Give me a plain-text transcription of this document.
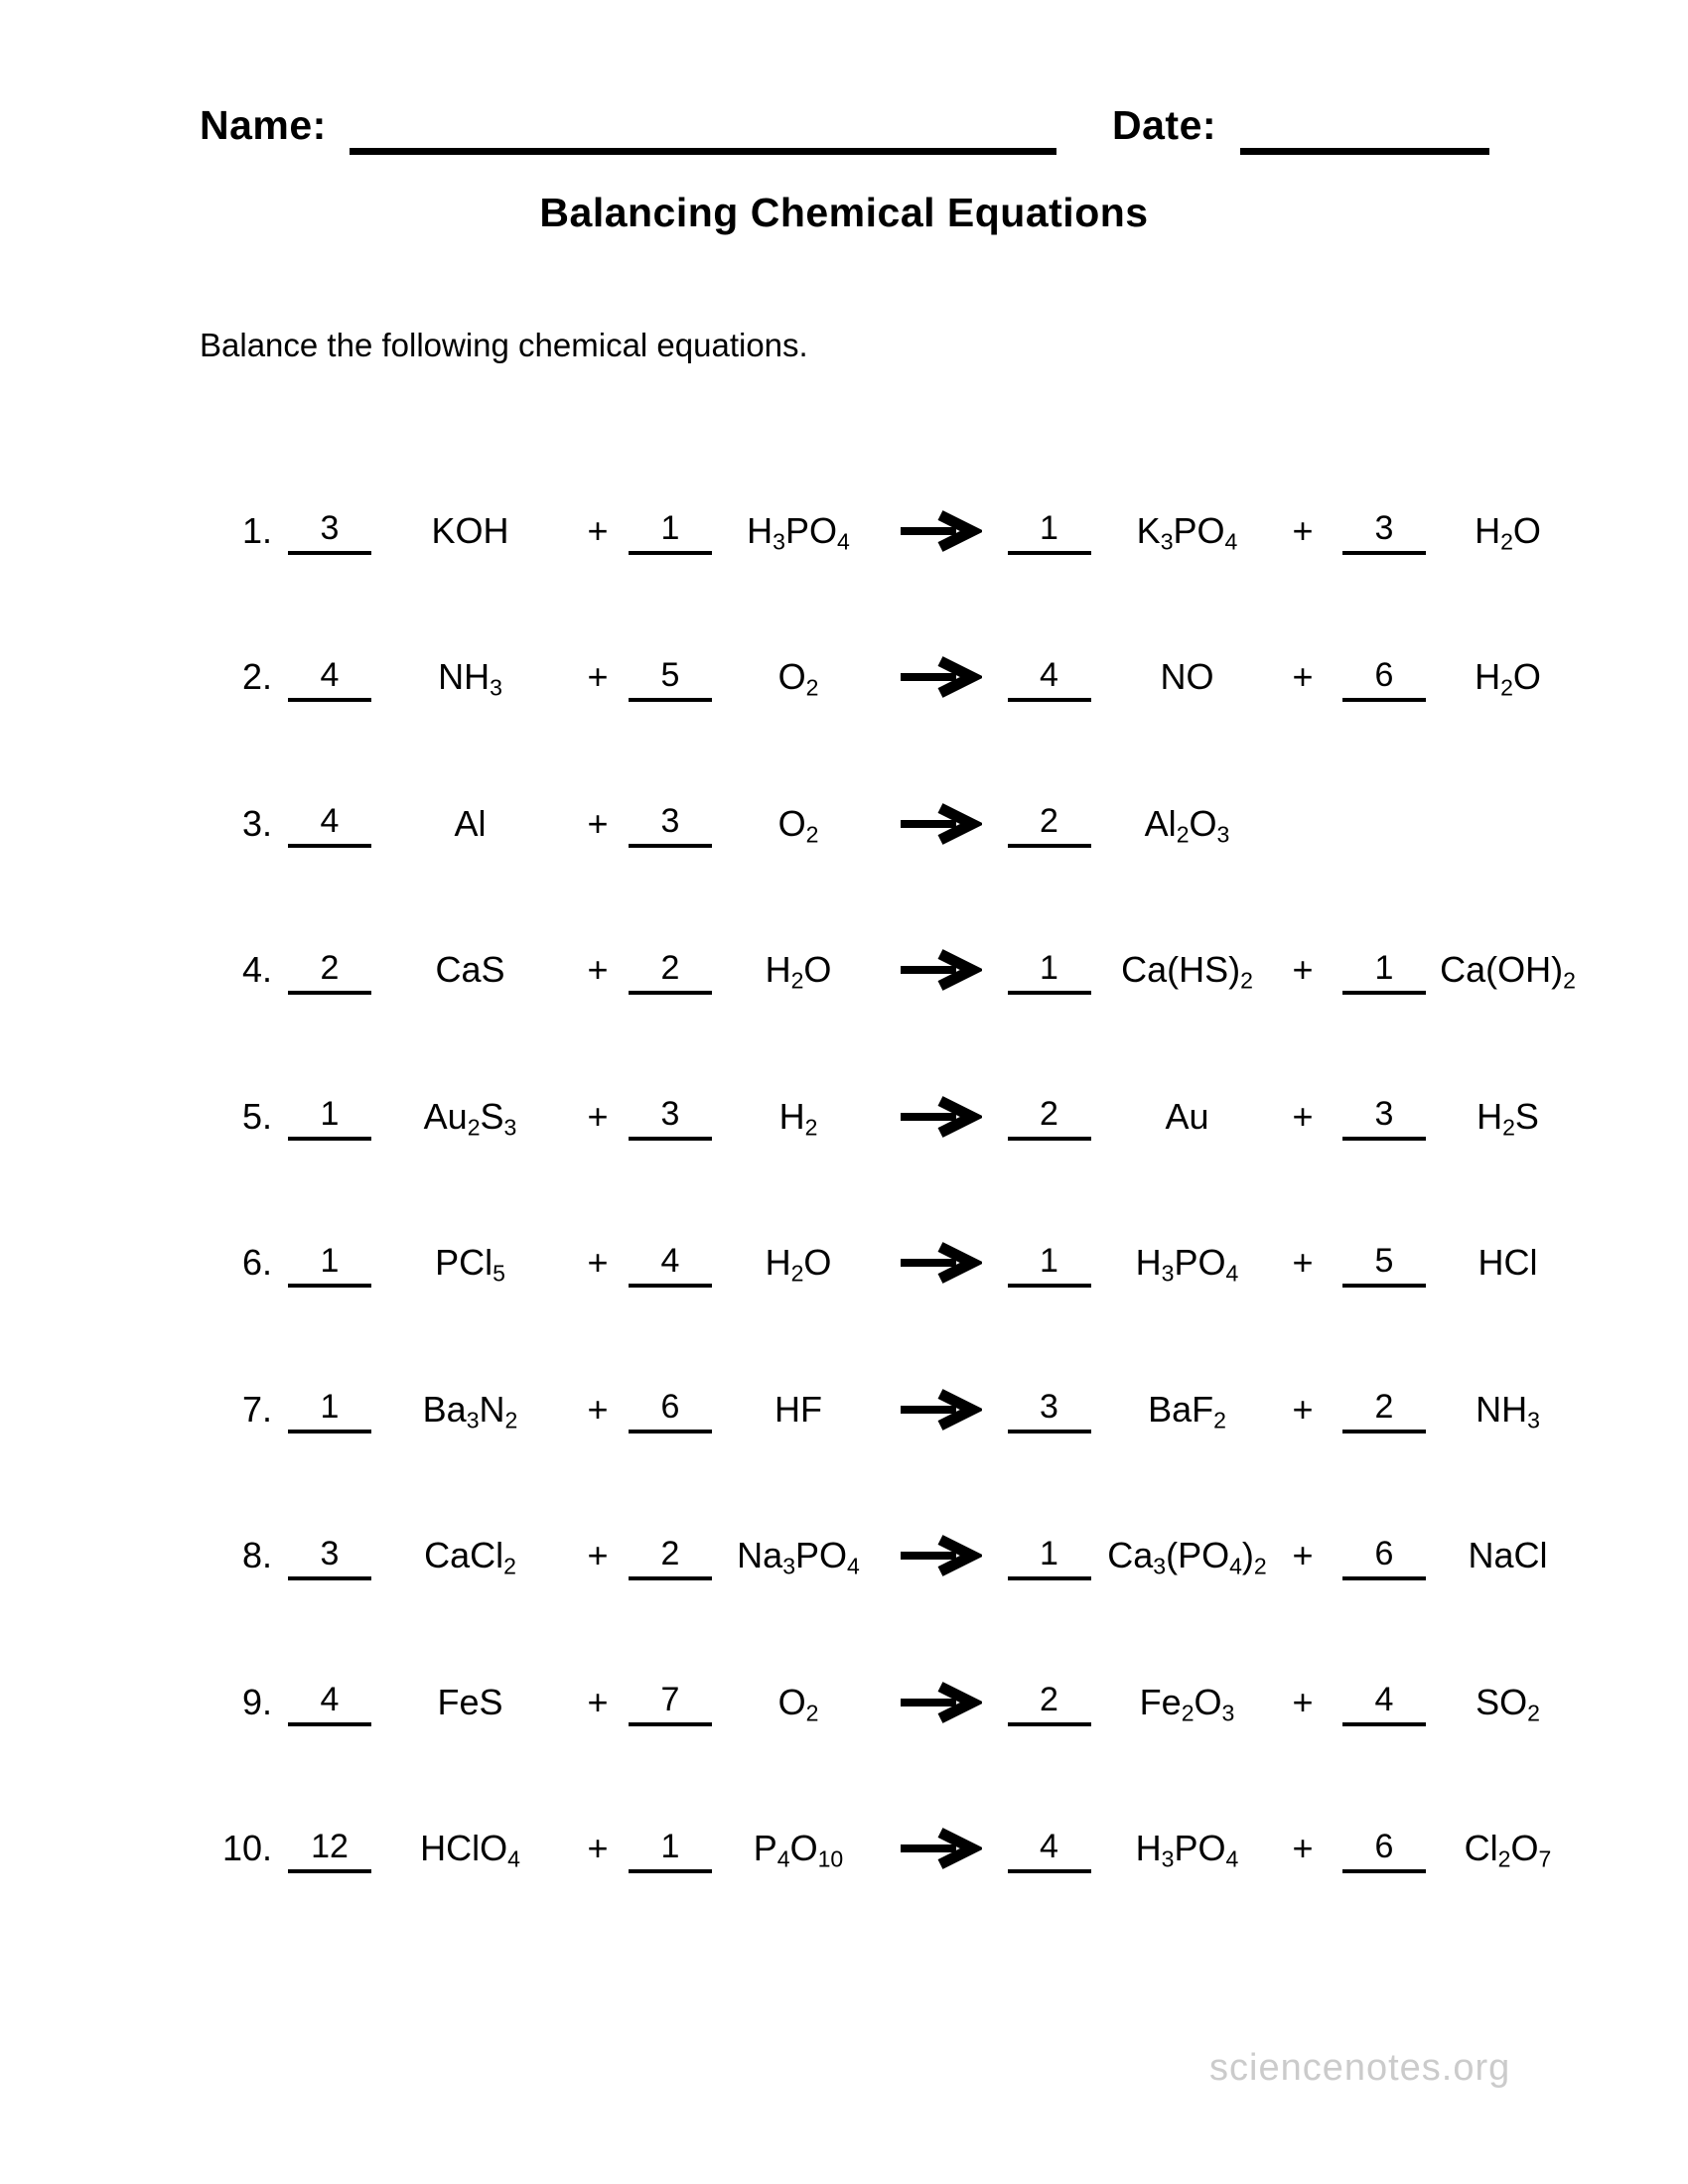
Name:	Date:
Balancing Chemical Equations

Balance the following chemical equations.

1.	3	KOH	+	1	$H_3PO_4$	1	$K_3PO_4$	+	3	$H_2O$
2.	4	$NH_3$	+	5	$O_2$	4	NO	+	6	$H_2O$
3.	4	Al	+	3	$O_2$	2	$Al_2O_3$
4.	2	CaS	+	2	$H_2O$	1	$Ca(HS)_2$	+	1	$Ca(OH)_2$
5.	1	$Au_2S_3$	+	3	$H_2$	2	Au	+	3	$H_2S$
6.	1	PCl$_5$	+	4	$H_2O$	1	$H_3PO_4$	+	5	HCl
7.	1	$Ba_3N_2$	+	6	HF	3	BaF$_2$	+	2	$NH_3$
8.	3	CaCl$_2$	+	2	$Na_3PO_4$	1	$Ca_3(PO_4)_2$ +	6	NaCl
9.	4	FeS	+	7	$O_2$	2	$Fe_2O_3$	+	4	$SO_2$
10.	12	HClO$_4$	+	1	$P_4O_{10}$	4	$H_3PO_4$	+	6	$Cl_2O_7$
sciencenotes.org
